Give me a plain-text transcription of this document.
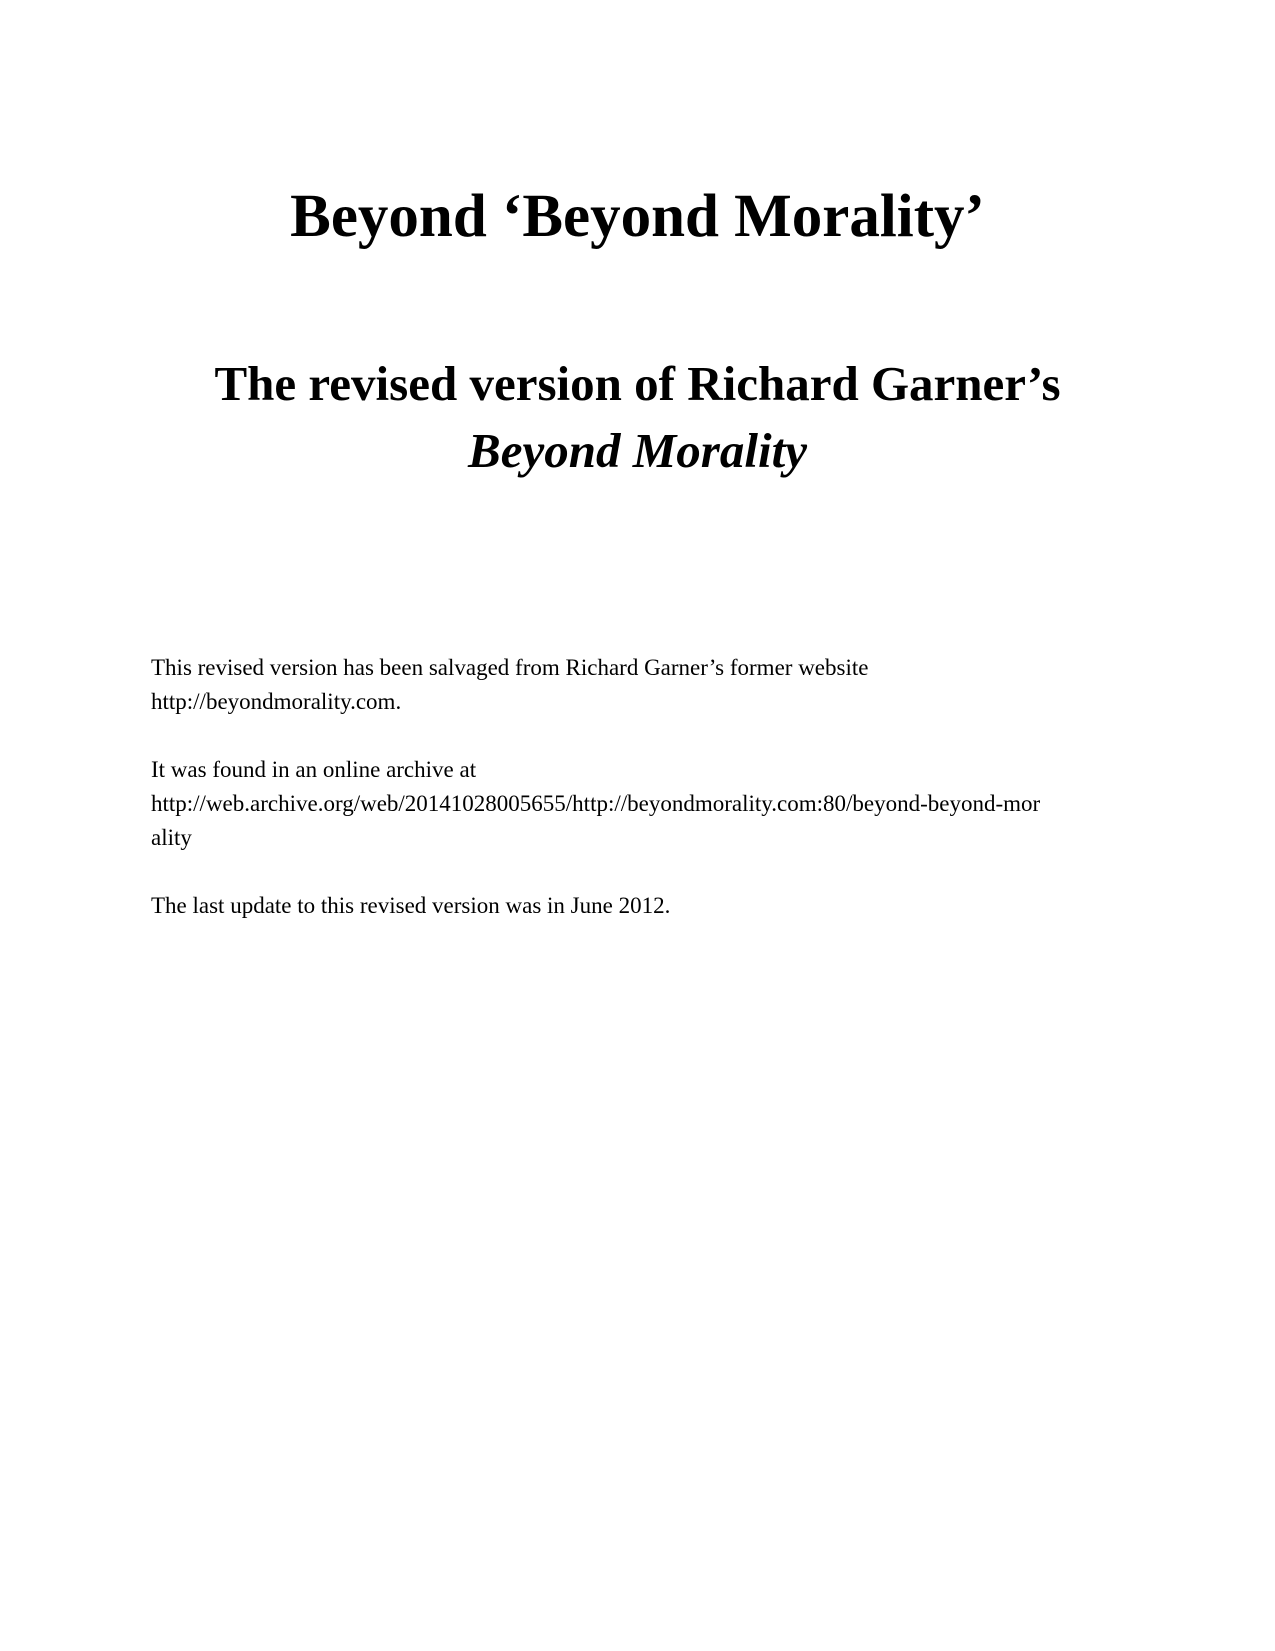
Beyond ‘Beyond Morality’
The revised version of Richard Garner’s
Beyond Morality

This revised version has been salvaged from Richard Garner’s former website
http://beyondmorality.com.

It was found in an online archive at
http://web.archive.org/web/20141028005655/http://beyondmorality.com:80/beyond-beyond-mor
ality

The last update to this revised version was in June 2012.
